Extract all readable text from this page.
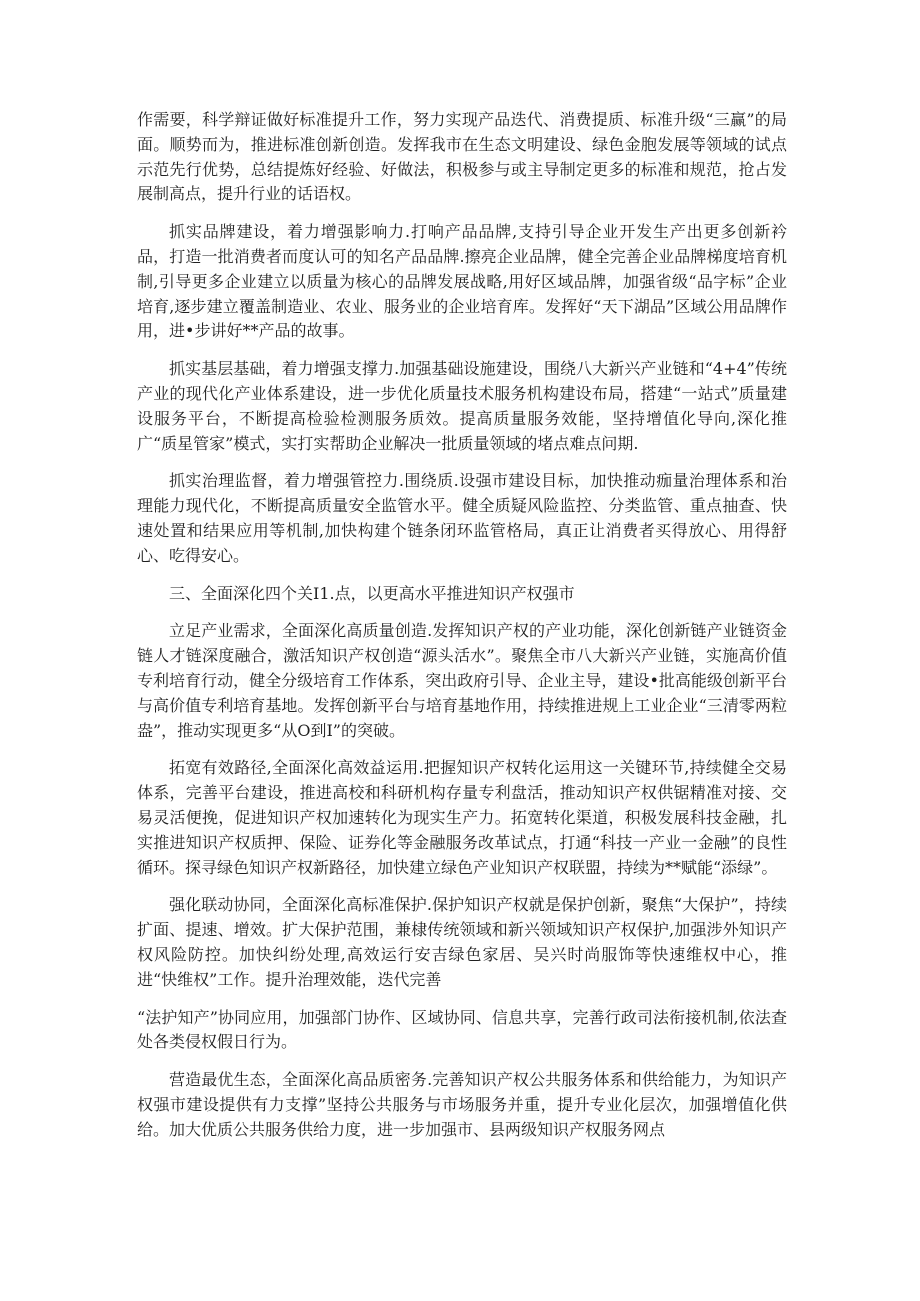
作需要，科学辩证做好标准提升工作，努力实现产品迭代、消费提质、标准升级“三赢”的局面。顺势而为，推进标准创新创造。发挥我市在生态文明建设、绿色金胞发展等领域的试点示范先行优势，总结提炼好经验、好做法，积极参与或主导制定更多的标准和规范，抢占发展制高点，提升行业的话语权。

抓实品牌建设，着力增强影响力.打响产品品牌,支持引导企业开发生产出更多创新衿品，打造一批消费者而度认可的知名产品品牌.擦亮企业品牌，健全完善企业品牌梯度培育机制,引导更多企业建立以质量为核心的品牌发展战略,用好区域品牌，加强省级“品字标”企业培育,逐步建立覆盖制造业、农业、服务业的企业培育库。发挥好“天下湖品”区域公用品牌作用，进•步讲好**产品的故事。

抓实基层基础，着力增强支撑力.加强基础设施建设，围绕八大新兴产业链和“4+4”传统产业的现代化产业体系建设，进一步优化质量技术服务机构建设布局，搭建“一站式”质量建设服务平台，不断提高检验检测服务质效。提高质量服务效能，坚持增值化导向,深化推广“质星管家”模式，实打实帮助企业解决一批质量领域的堵点难点问期.

抓实治理监督，着力增强管控力.围绕质.设强市建设目标，加快推动痂量治理体系和治理能力现代化，不断提高质量安全监管水平。健全质疑风险监控、分类监管、重点抽查、快速处置和结果应用等机制,加快构建个链条闭环监管格局，真正让消费者买得放心、用得舒心、吃得安心。

三、全面深化四个关I1.点，以更高水平推进知识产权强市

立足产业需求，全面深化高质量创造.发挥知识产权的产业功能，深化创新链产业链资金链人才链深度融合，激活知识产权创造“源头活水”。聚焦全市八大新兴产业链，实施高价值专利培育行动，健全分级培育工作体系，突出政府引导、企业主导，建设•批高能级创新平台与高价值专利培育基地。发挥创新平台与培育基地作用，持续推进规上工业企业“三清零两粒盎”，推动实现更多“从O到I”的突破。

拓宽有效路径,全面深化高效益运用.把握知识产权转化运用这一关键环节,持续健全交易体系，完善平台建设，推进高校和科研机构存量专利盘活，推动知识产权供锯精准对接、交易灵活便挽，促进知识产权加速转化为现实生产力。拓宽转化渠道，积极发展科技金融，扎实推进知识产权质押、保险、证券化等金融服务改革试点，打通“科技一产业一金融”的良性循环。探寻绿色知识产权新路径，加快建立绿色产业知识产权联盟，持续为**赋能“添绿”。

强化联动协同，全面深化高标准保护.保护知识产权就是保护创新，聚焦“大保护”，持续扩面、提速、增效。扩大保护范围，兼棣传统领域和新兴领域知识产权保护,加强涉外知识产权风险防控。加快纠纷处理,高效运行安吉绿色家居、吴兴时尚服饰等快速维权中心，推进“快维权”工作。提升治理效能，迭代完善

“法护知产”协同应用，加强部门协作、区域协同、信息共享，完善行政司法衔接机制,依法查处各类侵权假日行为。

营造最优生态，全面深化高品质密务.完善知识产权公共服务体系和供给能力，为知识产权强市建设提供有力支撑”坚持公共服务与市场服务并重，提升专业化层次，加强增值化供给。加大优质公共服务供给力度，进一步加强市、县两级知识产权服务网点
